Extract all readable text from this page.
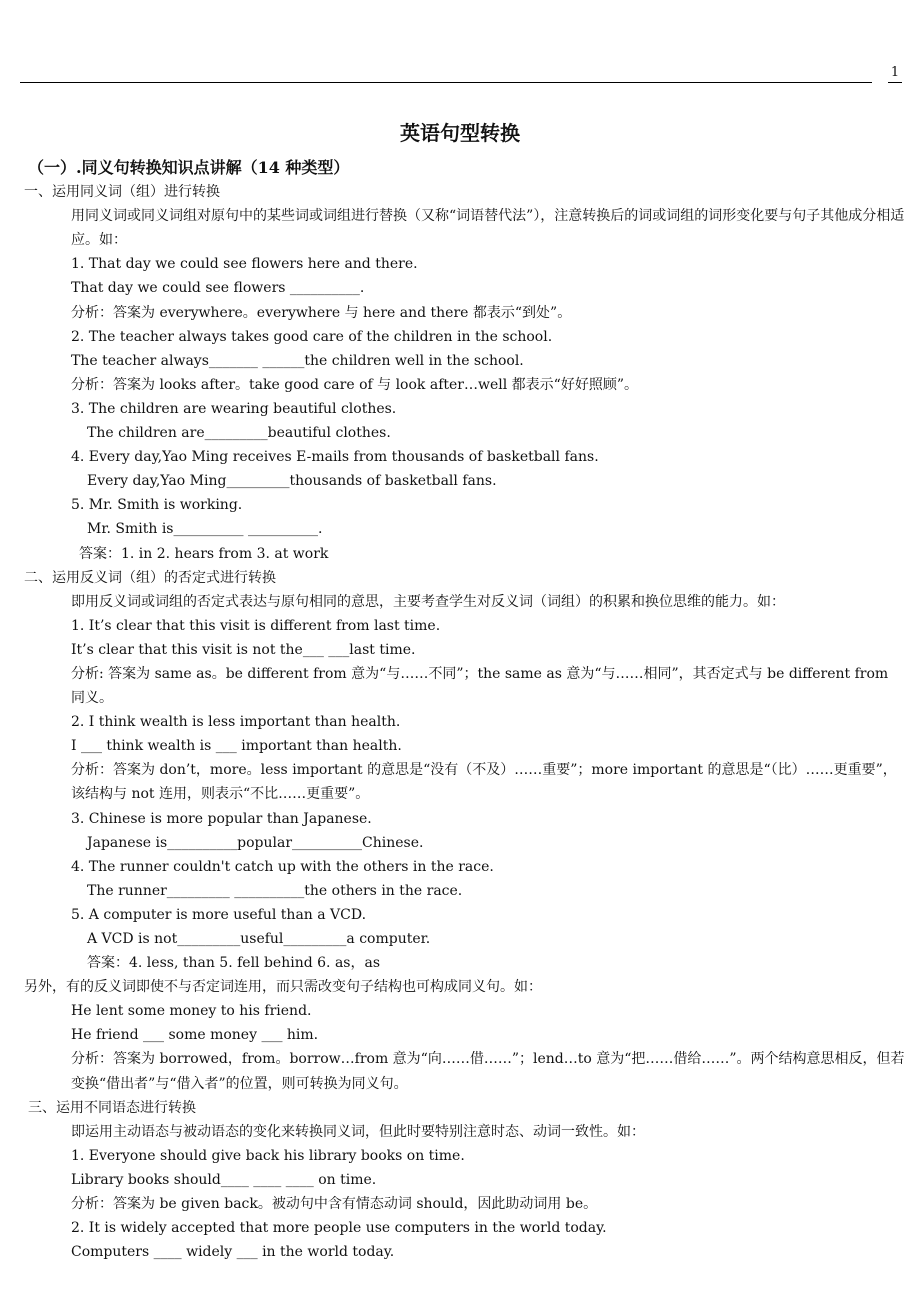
1
英语句型转换
（一）.同义句转换知识点讲解（14 种类型）
一、运用同义词（组）进行转换
用同义词或同义词组对原句中的某些词或词组进行替换（又称“词语替代法”），注意转换后的词或词组的词形变化要与句子其他成分相适应。如：
1. That day we could see flowers here and there.
That day we could see flowers __________.
分析：答案为 everywhere。everywhere 与 here and there 都表示“到处”。
2. The teacher always takes good care of the children in the school.
The teacher always_______ ______the children well in the school.
分析：答案为 looks after。take good care of 与 look after…well 都表示“好好照顾”。
3. The children are wearing beautiful clothes.
The children are_________beautiful clothes.
4. Every day,Yao Ming receives E-mails from thousands of basketball fans.
Every day,Yao Ming_________thousands of basketball fans.
5. Mr. Smith is working.
Mr. Smith is__________ __________.
答案：1. in 2. hears from 3. at work
二、运用反义词（组）的否定式进行转换
即用反义词或词组的否定式表达与原句相同的意思，主要考查学生对反义词（词组）的积累和换位思维的能力。如：
1. It’s clear that this visit is different from last time.
It’s clear that this visit is not the___ ___last time.
分析: 答案为 same as。be different from 意为“与……不同”；the same as 意为“与……相同”，其否定式与 be different from 同义。
2. I think wealth is less important than health.
I ___ think wealth is ___ important than health.
分析：答案为 don’t，more。less important 的意思是“没有（不及）……重要”；more important 的意思是“（比）……更重要”，该结构与 not 连用，则表示“不比……更重要”。
3. Chinese is more popular than Japanese.
Japanese is__________popular__________Chinese.
4. The runner couldn't catch up with the others in the race.
The runner_________ __________the others in the race.
5. A computer is more useful than a VCD.
A VCD is not_________useful_________a computer.
答案：4. less, than 5. fell behind 6. as，as
另外，有的反义词即使不与否定词连用，而只需改变句子结构也可构成同义句。如：
He lent some money to his friend.
He friend ___ some money ___ him.
分析：答案为 borrowed，from。borrow…from 意为“向……借……”；lend…to 意为“把……借给……”。两个结构意思相反，但若变换“借出者”与“借入者”的位置，则可转换为同义句。
三、运用不同语态进行转换
即运用主动语态与被动语态的变化来转换同义词，但此时要特别注意时态、动词一致性。如：
1. Everyone should give back his library books on time.
Library books should____ ____ ____ on time.
分析：答案为 be given back。被动句中含有情态动词 should，因此助动词用 be。
2. It is widely accepted that more people use computers in the world today.
Computers ____ widely ___ in the world today.
